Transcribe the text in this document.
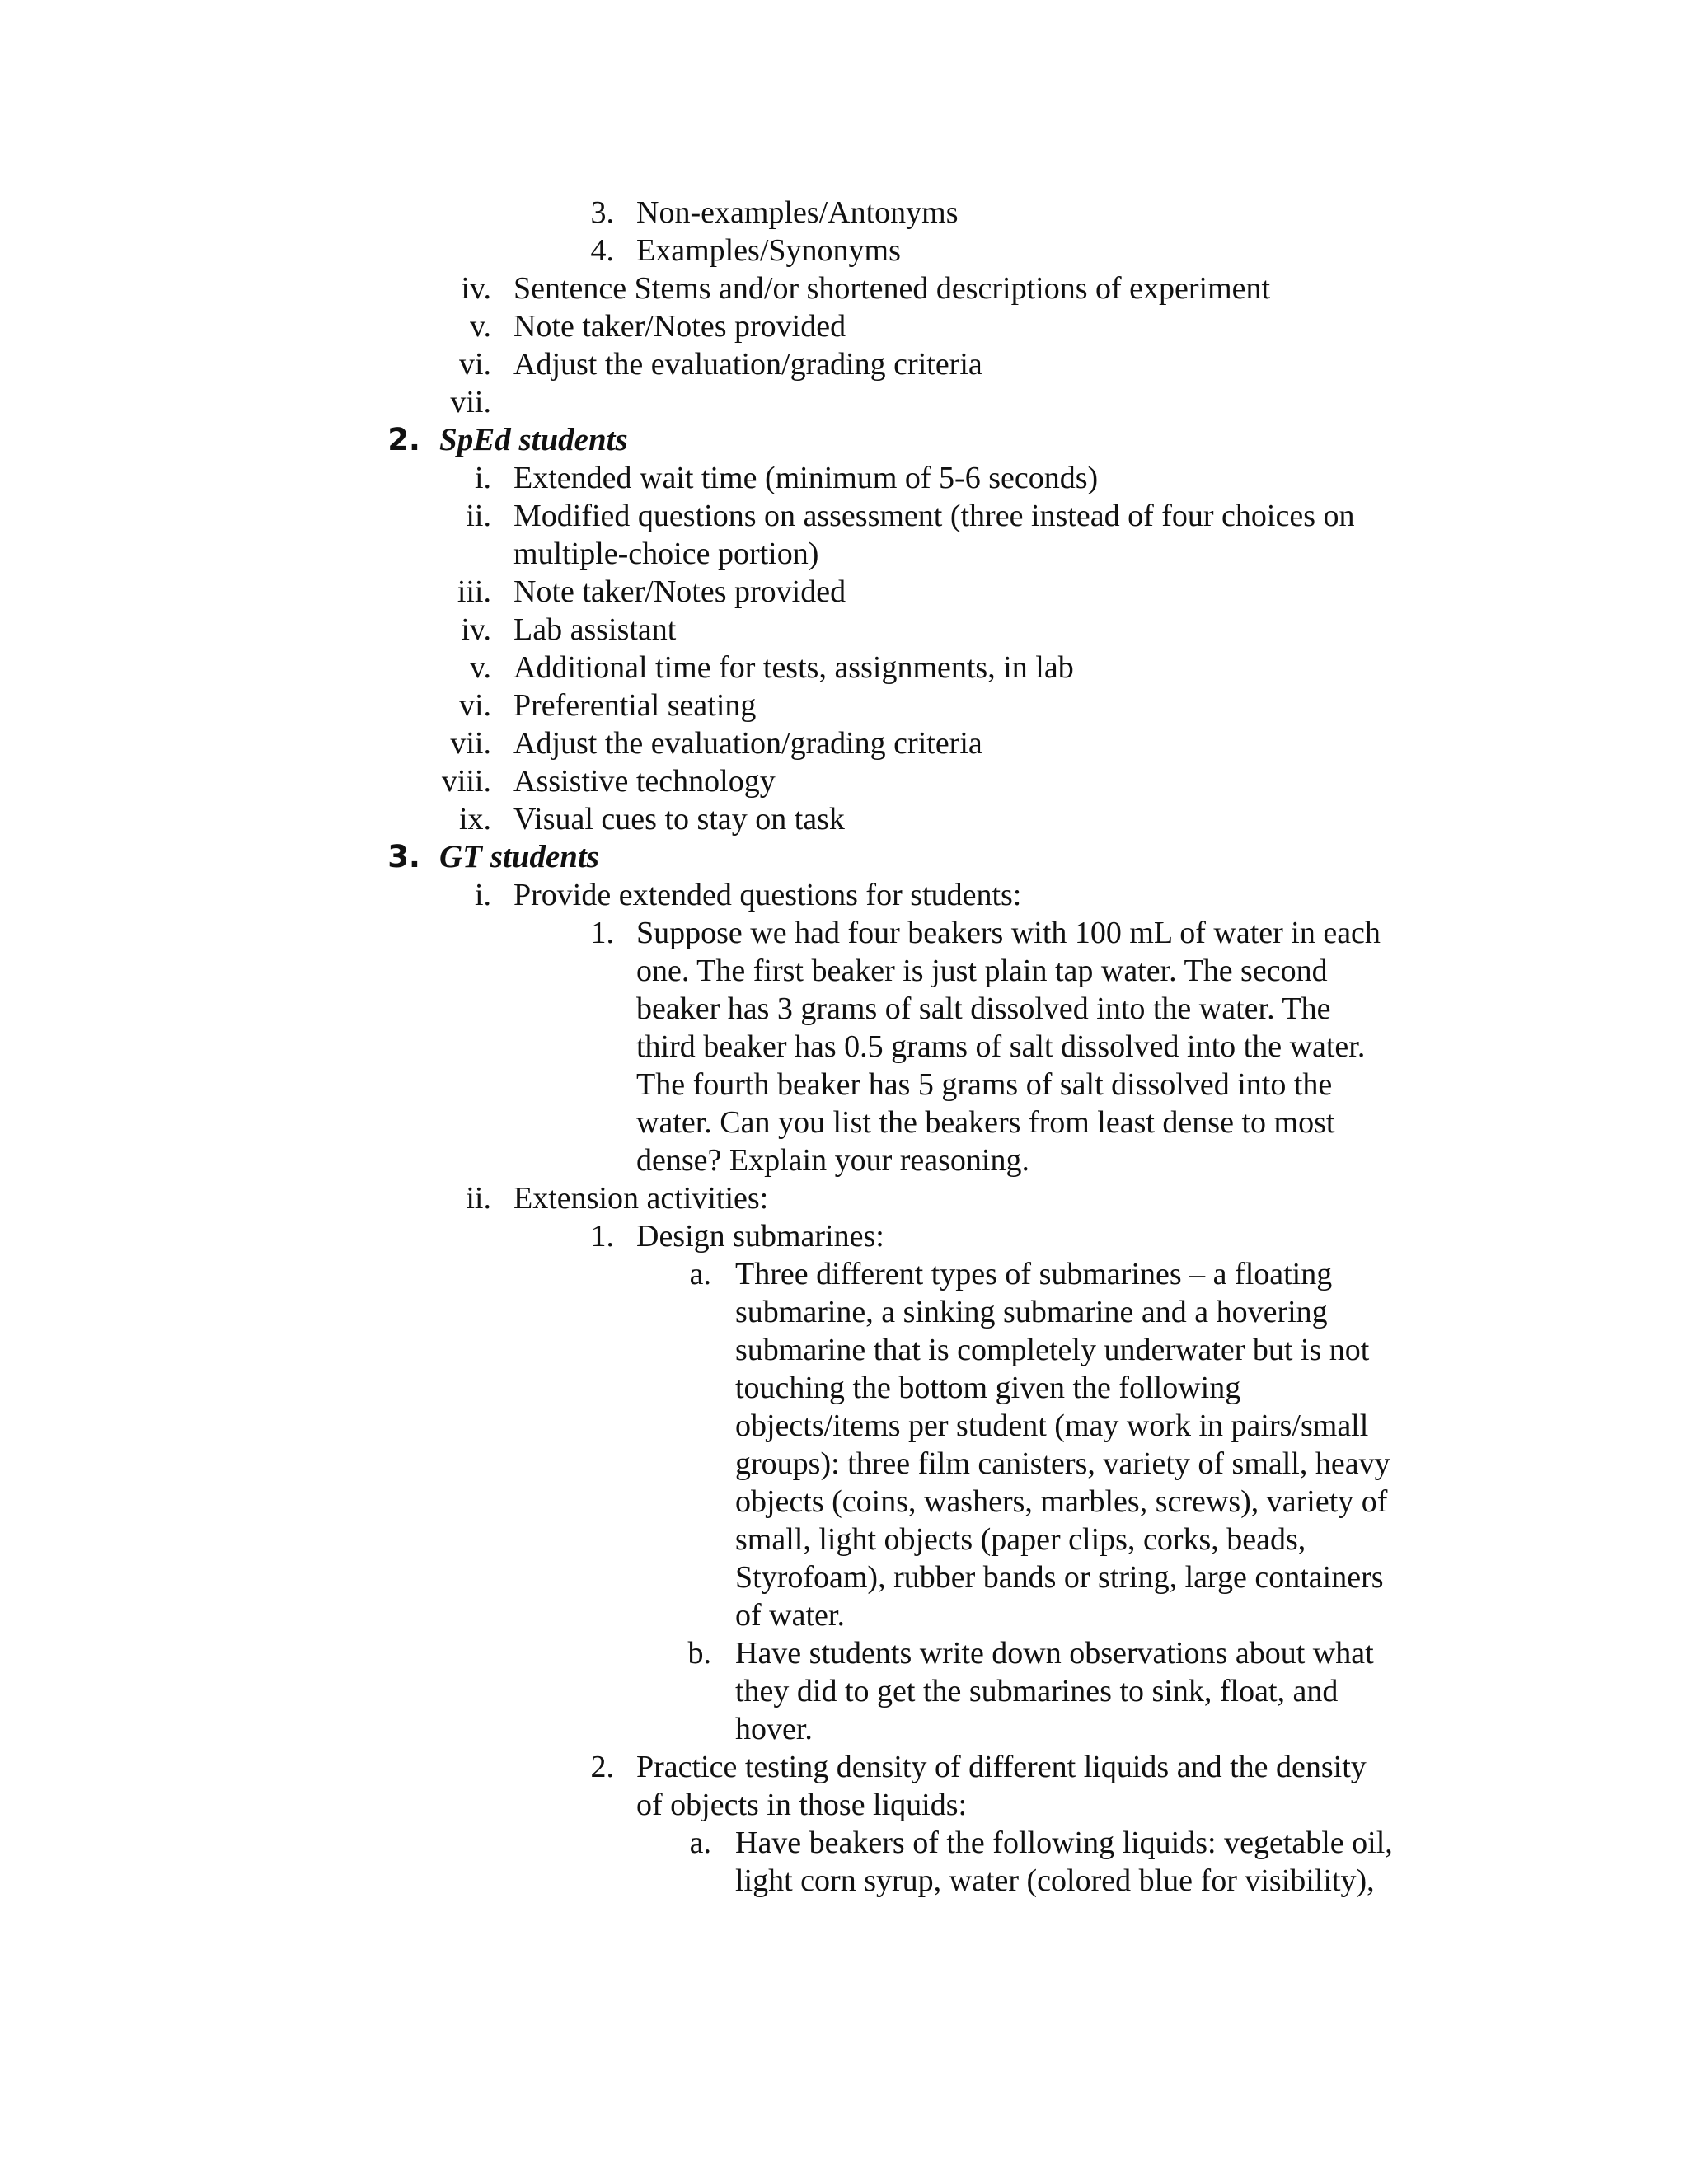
3. Non-examples/Antonyms
4. Examples/Synonyms
iv. Sentence Stems and/or shortened descriptions of experiment
v. Note taker/Notes provided
vi. Adjust the evaluation/grading criteria
vii.
2. SpEd students
i. Extended wait time (minimum of 5-6 seconds)
ii. Modified questions on assessment (three instead of four choices on
multiple-choice portion)
iii. Note taker/Notes provided
iv. Lab assistant
v. Additional time for tests, assignments, in lab
vi. Preferential seating
vii. Adjust the evaluation/grading criteria
viii. Assistive technology
ix. Visual cues to stay on task
3. GT students
i. Provide extended questions for students:
1. Suppose we had four beakers with 100 mL of water in each
one. The first beaker is just plain tap water. The second
beaker has 3 grams of salt dissolved into the water. The
third beaker has 0.5 grams of salt dissolved into the water.
The fourth beaker has 5 grams of salt dissolved into the
water. Can you list the beakers from least dense to most
dense? Explain your reasoning.
ii. Extension activities:
1. Design submarines:
a. Three different types of submarines – a floating
submarine, a sinking submarine and a hovering
submarine that is completely underwater but is not
touching the bottom given the following
objects/items per student (may work in pairs/small
groups): three film canisters, variety of small, heavy
objects (coins, washers, marbles, screws), variety of
small, light objects (paper clips, corks, beads,
Styrofoam), rubber bands or string, large containers
of water.
b. Have students write down observations about what
they did to get the submarines to sink, float, and
hover.
2. Practice testing density of different liquids and the density
of objects in those liquids:
a. Have beakers of the following liquids: vegetable oil,
light corn syrup, water (colored blue for visibility),
